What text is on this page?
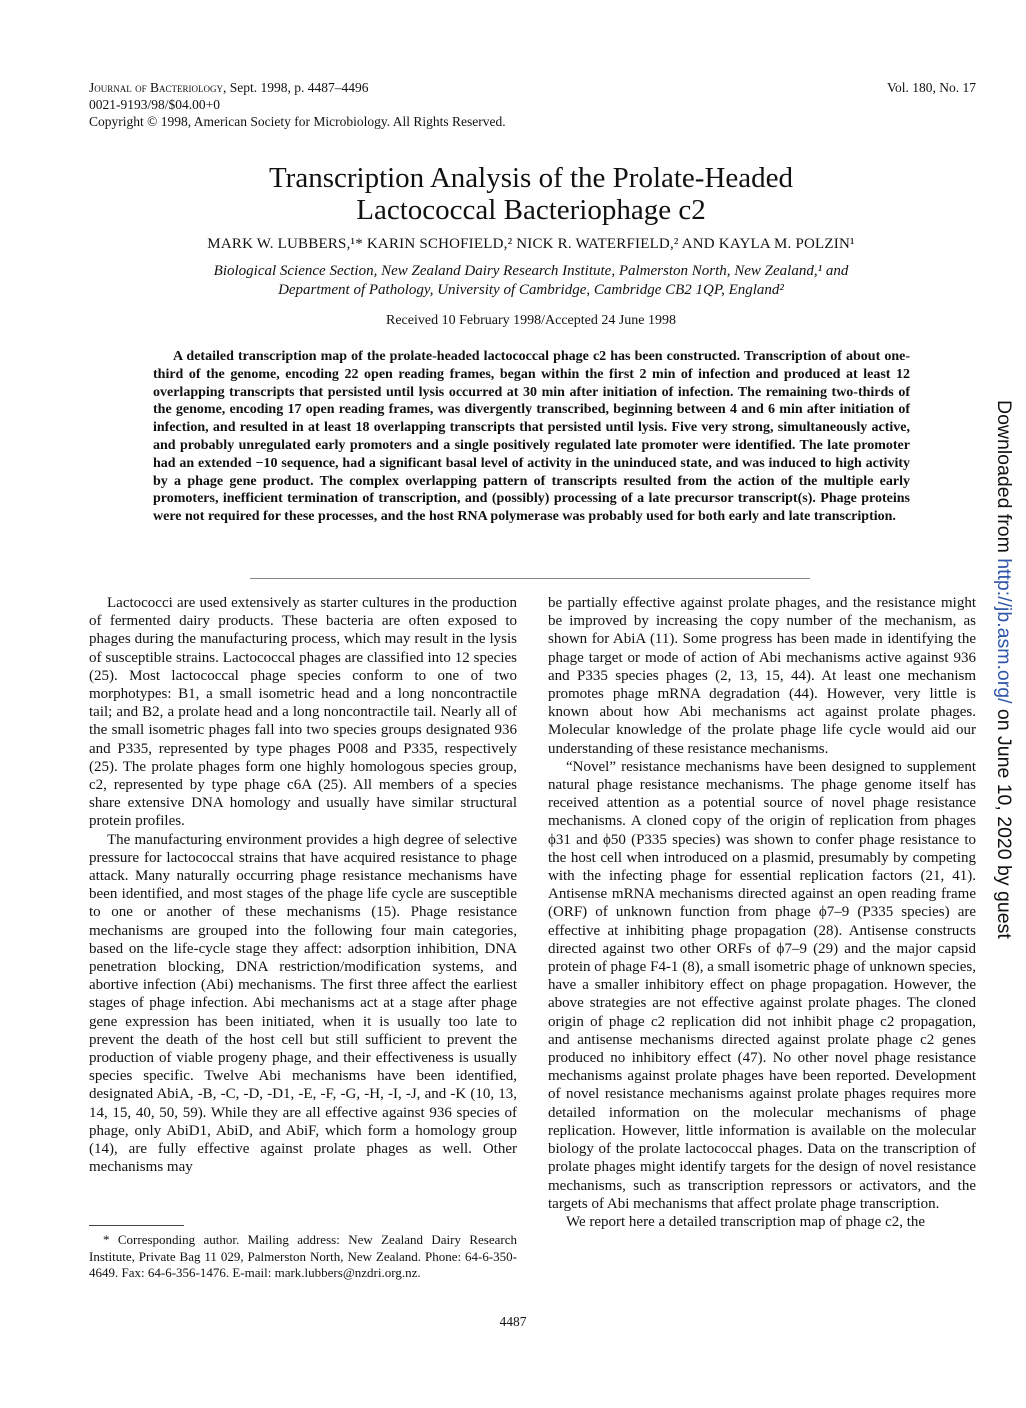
Journal of Bacteriology, Sept. 1998, p. 4487–4496
0021-9193/98/$04.00+0
Copyright © 1998, American Society for Microbiology. All Rights Reserved.
Vol. 180, No. 17
Transcription Analysis of the Prolate-Headed
Lactococcal Bacteriophage c2
MARK W. LUBBERS,¹* KARIN SCHOFIELD,² NICK R. WATERFIELD,² AND KAYLA M. POLZIN¹
Biological Science Section, New Zealand Dairy Research Institute, Palmerston North, New Zealand,¹ and
Department of Pathology, University of Cambridge, Cambridge CB2 1QP, England²
Received 10 February 1998/Accepted 24 June 1998

A detailed transcription map of the prolate-headed lactococcal phage c2 has been constructed. Transcription of about one-third of the genome, encoding 22 open reading frames, began within the first 2 min of infection and produced at least 12 overlapping transcripts that persisted until lysis occurred at 30 min after initiation of infection. The remaining two-thirds of the genome, encoding 17 open reading frames, was divergently transcribed, beginning between 4 and 6 min after initiation of infection, and resulted in at least 18 overlapping transcripts that persisted until lysis. Five very strong, simultaneously active, and probably unregulated early promoters and a single positively regulated late promoter were identified. The late promoter had an extended −10 sequence, had a significant basal level of activity in the uninduced state, and was induced to high activity by a phage gene product. The complex overlapping pattern of transcripts resulted from the action of the multiple early promoters, inefficient termination of transcription, and (possibly) processing of a late precursor transcript(s). Phage proteins were not required for these processes, and the host RNA polymerase was probably used for both early and late transcription.

Lactococci are used extensively as starter cultures in the production of fermented dairy products. These bacteria are often exposed to phages during the manufacturing process, which may result in the lysis of susceptible strains. Lactococcal phages are classified into 12 species (25). Most lactococcal phage species conform to one of two morphotypes: B1, a small isometric head and a long noncontractile tail; and B2, a prolate head and a long noncontractile tail. Nearly all of the small isometric phages fall into two species groups designated 936 and P335, represented by type phages P008 and P335, respectively (25). The prolate phages form one highly homologous species group, c2, represented by type phage c6A (25). All members of a species share extensive DNA homology and usually have similar structural protein profiles.

The manufacturing environment provides a high degree of selective pressure for lactococcal strains that have acquired resistance to phage attack. Many naturally occurring phage resistance mechanisms have been identified, and most stages of the phage life cycle are susceptible to one or another of these mechanisms (15). Phage resistance mechanisms are grouped into the following four main categories, based on the life-cycle stage they affect: adsorption inhibition, DNA penetration blocking, DNA restriction/modification systems, and abortive infection (Abi) mechanisms. The first three affect the earliest stages of phage infection. Abi mechanisms act at a stage after phage gene expression has been initiated, when it is usually too late to prevent the death of the host cell but still sufficient to prevent the production of viable progeny phage, and their effectiveness is usually species specific. Twelve Abi mechanisms have been identified, designated AbiA, -B, -C, -D, -D1, -E, -F, -G, -H, -I, -J, and -K (10, 13, 14, 15, 40, 50, 59). While they are all effective against 936 species of phage, only AbiD1, AbiD, and AbiF, which form a homology group (14), are fully effective against prolate phages as well. Other mechanisms may

be partially effective against prolate phages, and the resistance might be improved by increasing the copy number of the mechanism, as shown for AbiA (11). Some progress has been made in identifying the phage target or mode of action of Abi mechanisms active against 936 and P335 species phages (2, 13, 15, 44). At least one mechanism promotes phage mRNA degradation (44). However, very little is known about how Abi mechanisms act against prolate phages. Molecular knowledge of the prolate phage life cycle would aid our understanding of these resistance mechanisms.

“Novel” resistance mechanisms have been designed to supplement natural phage resistance mechanisms. The phage genome itself has received attention as a potential source of novel phage resistance mechanisms. A cloned copy of the origin of replication from phages ϕ31 and ϕ50 (P335 species) was shown to confer phage resistance to the host cell when introduced on a plasmid, presumably by competing with the infecting phage for essential replication factors (21, 41). Antisense mRNA mechanisms directed against an open reading frame (ORF) of unknown function from phage ϕ7–9 (P335 species) are effective at inhibiting phage propagation (28). Antisense constructs directed against two other ORFs of ϕ7–9 (29) and the major capsid protein of phage F4-1 (8), a small isometric phage of unknown species, have a smaller inhibitory effect on phage propagation. However, the above strategies are not effective against prolate phages. The cloned origin of phage c2 replication did not inhibit phage c2 propagation, and antisense mechanisms directed against prolate phage c2 genes produced no inhibitory effect (47). No other novel phage resistance mechanisms against prolate phages have been reported. Development of novel resistance mechanisms against prolate phages requires more detailed information on the molecular mechanisms of phage replication. However, little information is available on the molecular biology of the prolate lactococcal phages. Data on the transcription of prolate phages might identify targets for the design of novel resistance mechanisms, such as transcription repressors or activators, and the targets of Abi mechanisms that affect prolate phage transcription.

We report here a detailed transcription map of phage c2, the

* Corresponding author. Mailing address: New Zealand Dairy Research Institute, Private Bag 11 029, Palmerston North, New Zealand. Phone: 64-6-350-4649. Fax: 64-6-356-1476. E-mail: mark.lubbers@nzdri.org.nz.

4487
Downloaded from http://jb.asm.org/ on June 10, 2020 by guest
